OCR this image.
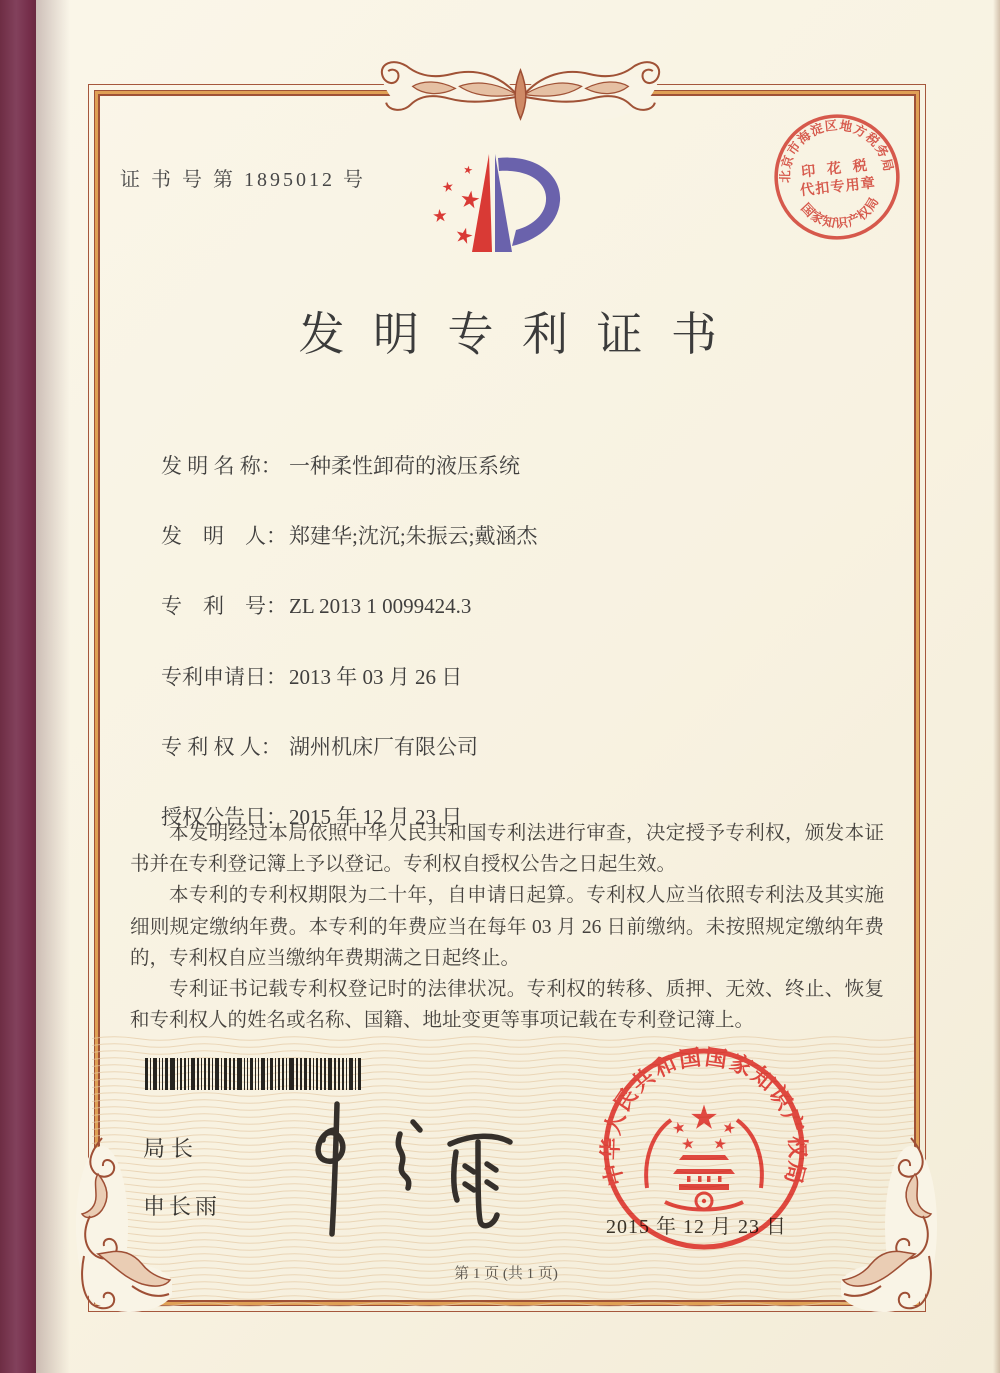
证 书 号 第 1895012 号	北京市海淀区地方税务局
印 花 税
代扣专用章
国家知识产权局
发明专利证书

发 明 名 称： 一种柔性卸荷的液压系统

发　明　人：郑建华;沈沉;朱振云;戴涵杰

专　利　号：ZL 2013 1 0099424.3

专利申请日：2013 年 03 月 26 日

专 利 权 人： 湖州机床厂有限公司

授权公告日：2015 年 12 月 23 日

本发明经过本局依照中华人民共和国专利法进行审查，决定授予专利权，颁发本证书并在专利登记簿上予以登记。专利权自授权公告之日起生效。

本专利的专利权期限为二十年，自申请日起算。专利权人应当依照专利法及其实施细则规定缴纳年费。本专利的年费应当在每年 03 月 26 日前缴纳。未按照规定缴纳年费的，专利权自应当缴纳年费期满之日起终止。

专利证书记载专利权登记时的法律状况。专利权的转移、质押、无效、终止、恢复和专利权人的姓名或名称、国籍、地址变更等事项记载在专利登记簿上。

局长
申长雨
中华人民共和国国家知识产权局
2015 年 12 月 23 日
第 1 页 (共 1 页)
